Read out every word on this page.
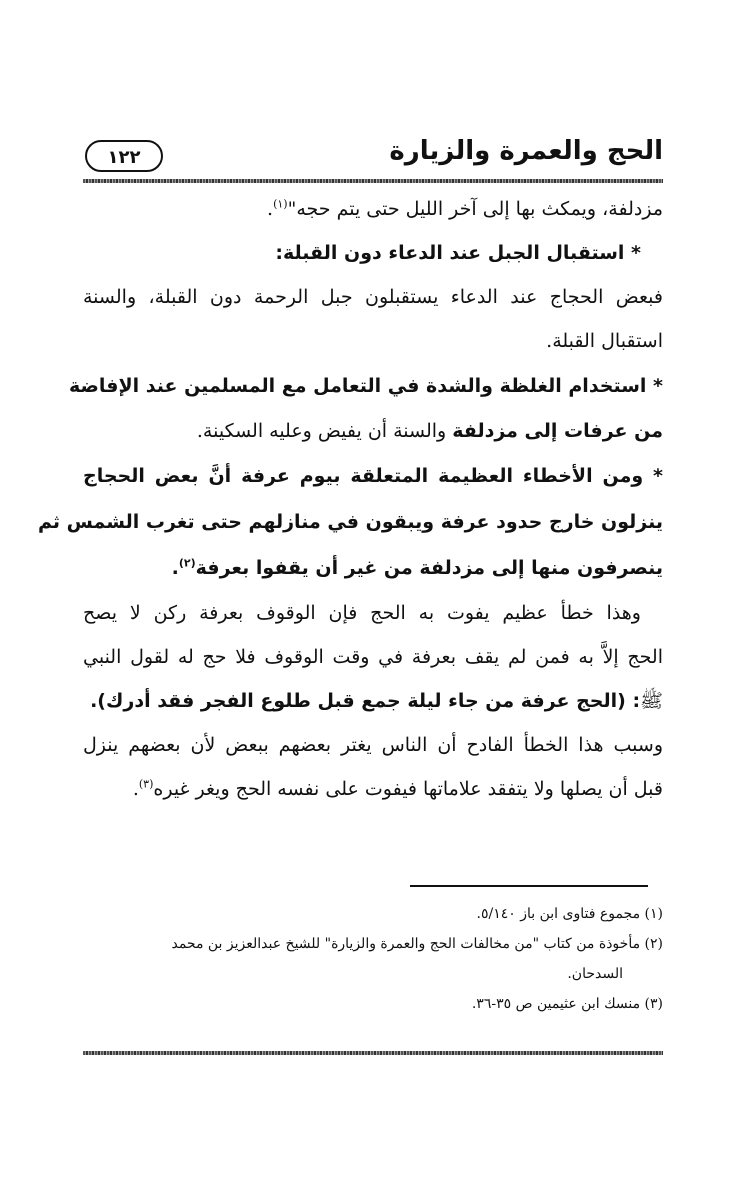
١٢٢	الحج والعمرة والزيارة
مزدلفة، ويمكث بها إلى آخر الليل حتى يتم حجه"$^{(١)}$.
* استقبال الجبل عند الدعاء دون القبلة:
فبعض الحجاج عند الدعاء يستقبلون جبل الرحمة دون القبلة، والسنة
استقبال القبلة.
* استخدام الغلظة والشدة في التعامل مع المسلمين عند الإفاضة
من عرفات إلى مزدلفة والسنة أن يفيض وعليه السكينة.
* ومن الأخطاء العظيمة المتعلقة بيوم عرفة أنَّ بعض الحجاج
ينزلون خارج حدود عرفة ويبقون في منازلهم حتى تغرب الشمس ثم
ينصرفون منها إلى مزدلفة من غير أن يقفوا بعرفة$^{(٢)}$.
وهذا خطأ عظيم يفوت به الحج فإن الوقوف بعرفة ركن لا يصح
الحج إلاَّ به فمن لم يقف بعرفة في وقت الوقوف فلا حج له لقول النبي
ﷺ: (الحج عرفة من جاء ليلة جمع قبل طلوع الفجر فقد أدرك).
وسبب هذا الخطأ الفادح أن الناس يغتر بعضهم ببعض لأن بعضهم ينزل
قبل أن يصلها ولا يتفقد علاماتها فيفوت على نفسه الحج ويغر غيره$^{(٣)}$.
(١) مجموع فتاوى ابن باز ٥/١٤٠.
(٢) مأخوذة من كتاب "من مخالفات الحج والعمرة والزيارة" للشيخ عبدالعزيز بن محمد
السدحان.
(٣) منسك ابن عثيمين ص ٣٥-٣٦.
